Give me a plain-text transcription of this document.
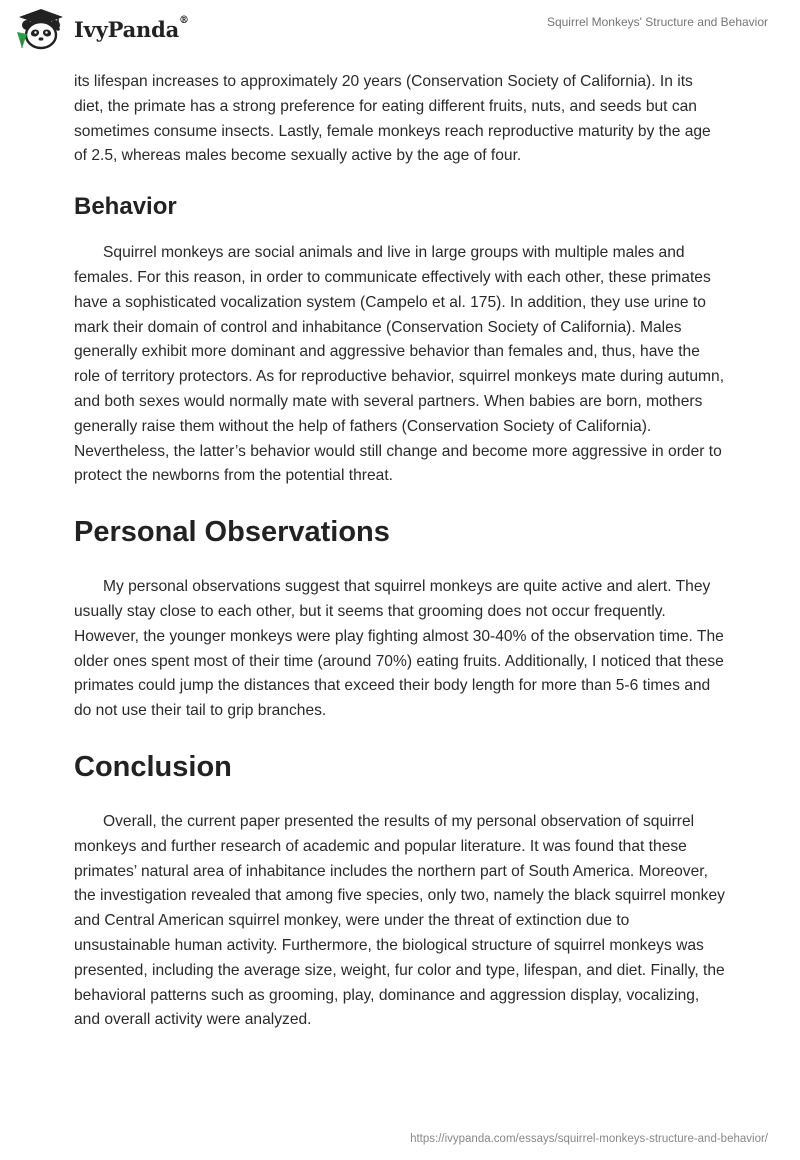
IvyPanda®	Squirrel Monkeys' Structure and Behavior

its lifespan increases to approximately 20 years (Conservation Society of California). In its diet, the primate has a strong preference for eating different fruits, nuts, and seeds but can sometimes consume insects. Lastly, female monkeys reach reproductive maturity by the age of 2.5, whereas males become sexually active by the age of four.

Behavior

Squirrel monkeys are social animals and live in large groups with multiple males and females. For this reason, in order to communicate effectively with each other, these primates have a sophisticated vocalization system (Campelo et al. 175). In addition, they use urine to mark their domain of control and inhabitance (Conservation Society of California). Males generally exhibit more dominant and aggressive behavior than females and, thus, have the role of territory protectors. As for reproductive behavior, squirrel monkeys mate during autumn, and both sexes would normally mate with several partners. When babies are born, mothers generally raise them without the help of fathers (Conservation Society of California). Nevertheless, the latter’s behavior would still change and become more aggressive in order to protect the newborns from the potential threat.

Personal Observations

My personal observations suggest that squirrel monkeys are quite active and alert. They usually stay close to each other, but it seems that grooming does not occur frequently. However, the younger monkeys were play fighting almost 30-40% of the observation time. The older ones spent most of their time (around 70%) eating fruits. Additionally, I noticed that these primates could jump the distances that exceed their body length for more than 5-6 times and do not use their tail to grip branches.

Conclusion

Overall, the current paper presented the results of my personal observation of squirrel monkeys and further research of academic and popular literature. It was found that these primates’ natural area of inhabitance includes the northern part of South America. Moreover, the investigation revealed that among five species, only two, namely the black squirrel monkey and Central American squirrel monkey, were under the threat of extinction due to unsustainable human activity. Furthermore, the biological structure of squirrel monkeys was presented, including the average size, weight, fur color and type, lifespan, and diet. Finally, the behavioral patterns such as grooming, play, dominance and aggression display, vocalizing, and overall activity were analyzed.

https://ivypanda.com/essays/squirrel-monkeys-structure-and-behavior/
